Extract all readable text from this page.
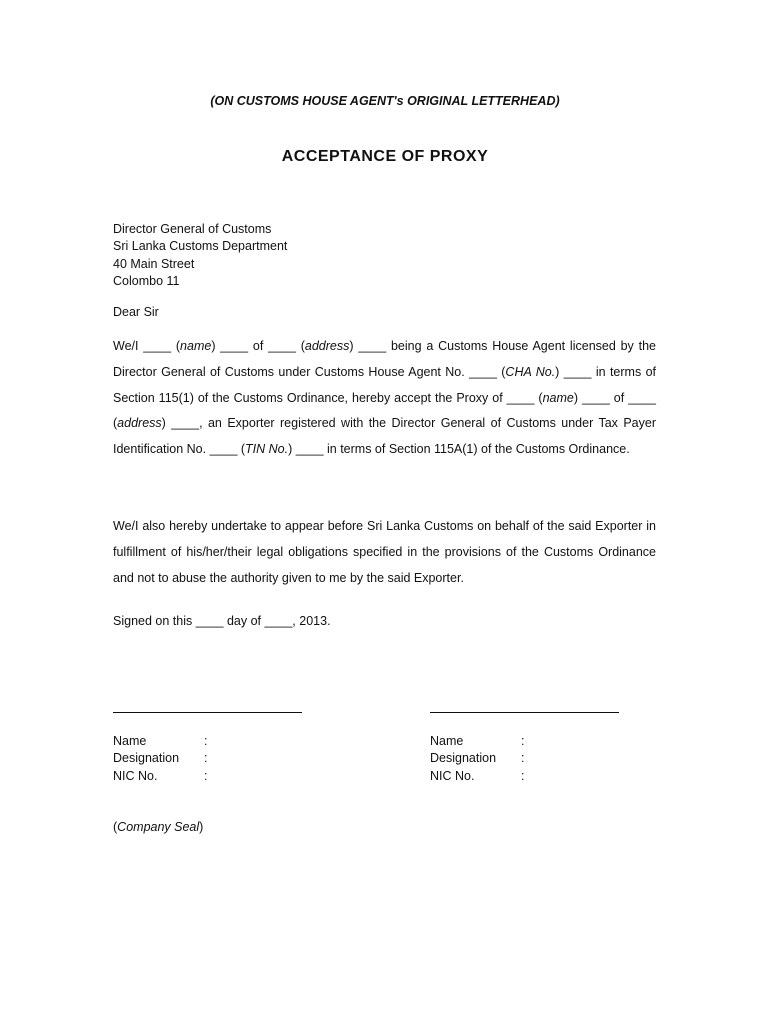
(ON CUSTOMS HOUSE AGENT's ORIGINAL LETTERHEAD)
ACCEPTANCE OF PROXY
Director General of Customs
Sri Lanka Customs Department
40 Main Street
Colombo 11
Dear Sir
We/I ____ (name) ____ of ____ (address) ____ being a Customs House Agent licensed by the Director General of Customs under Customs House Agent No. ____ (CHA No.) ____ in terms of Section 115(1) of the Customs Ordinance, hereby accept the Proxy of ____ (name) ____ of ____ (address) ____, an Exporter registered with the Director General of Customs under Tax Payer Identification No. ____ (TIN No.) ____ in terms of Section 115A(1) of the Customs Ordinance.
We/I also hereby undertake to appear before Sri Lanka Customs on behalf of the said Exporter in fulfillment of his/her/their legal obligations specified in the provisions of the Customs Ordinance and not to abuse the authority given to me by the said Exporter.
Signed on this ____ day of ____, 2013.
Name	:
Designation	:
NIC No.	:
Name	:
Designation	:
NIC No.	:
(Company Seal)
